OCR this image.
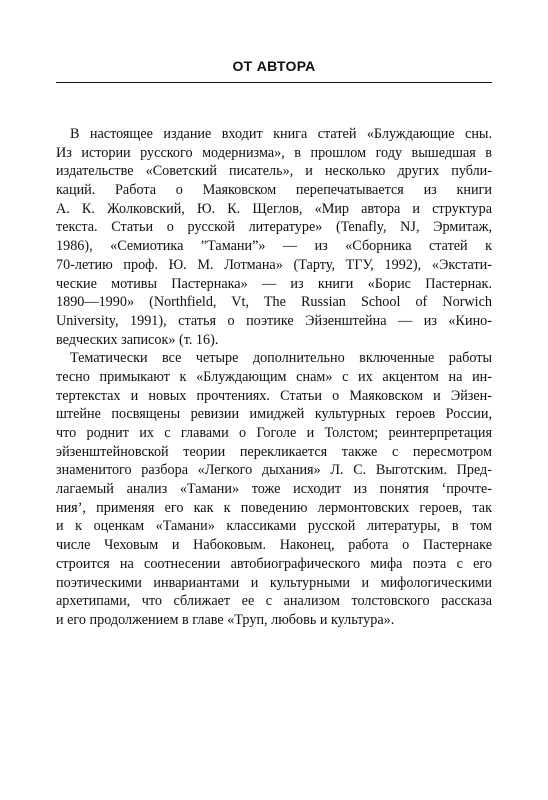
ОТ АВТОРА
В настоящее издание входит книга статей «Блуждающие сны.
Из истории русского модернизма», в прошлом году вышедшая в
издательстве «Советский писатель», и несколько других публи-
каций. Работа о Маяковском перепечатывается из книги
А. К. Жолковский, Ю. К. Щеглов, «Мир автора и структура
текста. Статьи о русской литературе» (Tenafly, NJ, Эрмитаж,
1986), «Семиотика ”Тамани”» — из «Сборника статей к
70-летию проф. Ю. М. Лотмана» (Тарту, ТГУ, 1992), «Экстати-
ческие мотивы Пастернака» — из книги «Борис Пастернак.
1890—1990» (Northfield, Vt, The Russian School of Norwich
University, 1991), статья о поэтике Эйзенштейна — из «Кино-
ведческих записок» (т. 16).
Тематически все четыре дополнительно включенные работы
тесно примыкают к «Блуждающим снам» с их акцентом на ин-
тертекстах и новых прочтениях. Статьи о Маяковском и Эйзен-
штейне посвящены ревизии имиджей культурных героев России,
что роднит их с главами о Гоголе и Толстом; реинтерпретация
эйзенштейновской теории перекликается также с пересмотром
знаменитого разбора «Легкого дыхания» Л. С. Выготским. Пред-
лагаемый анализ «Тамани» тоже исходит из понятия ‘прочте-
ния’, применяя его как к поведению лермонтовских героев, так
и к оценкам «Тамани» классиками русской литературы, в том
числе Чеховым и Набоковым. Наконец, работа о Пастернаке
строится на соотнесении автобиографического мифа поэта с его
поэтическими инвариантами и культурными и мифологическими
архетипами, что сближает ее с анализом толстовского рассказа
и его продолжением в главе «Труп, любовь и культура».
